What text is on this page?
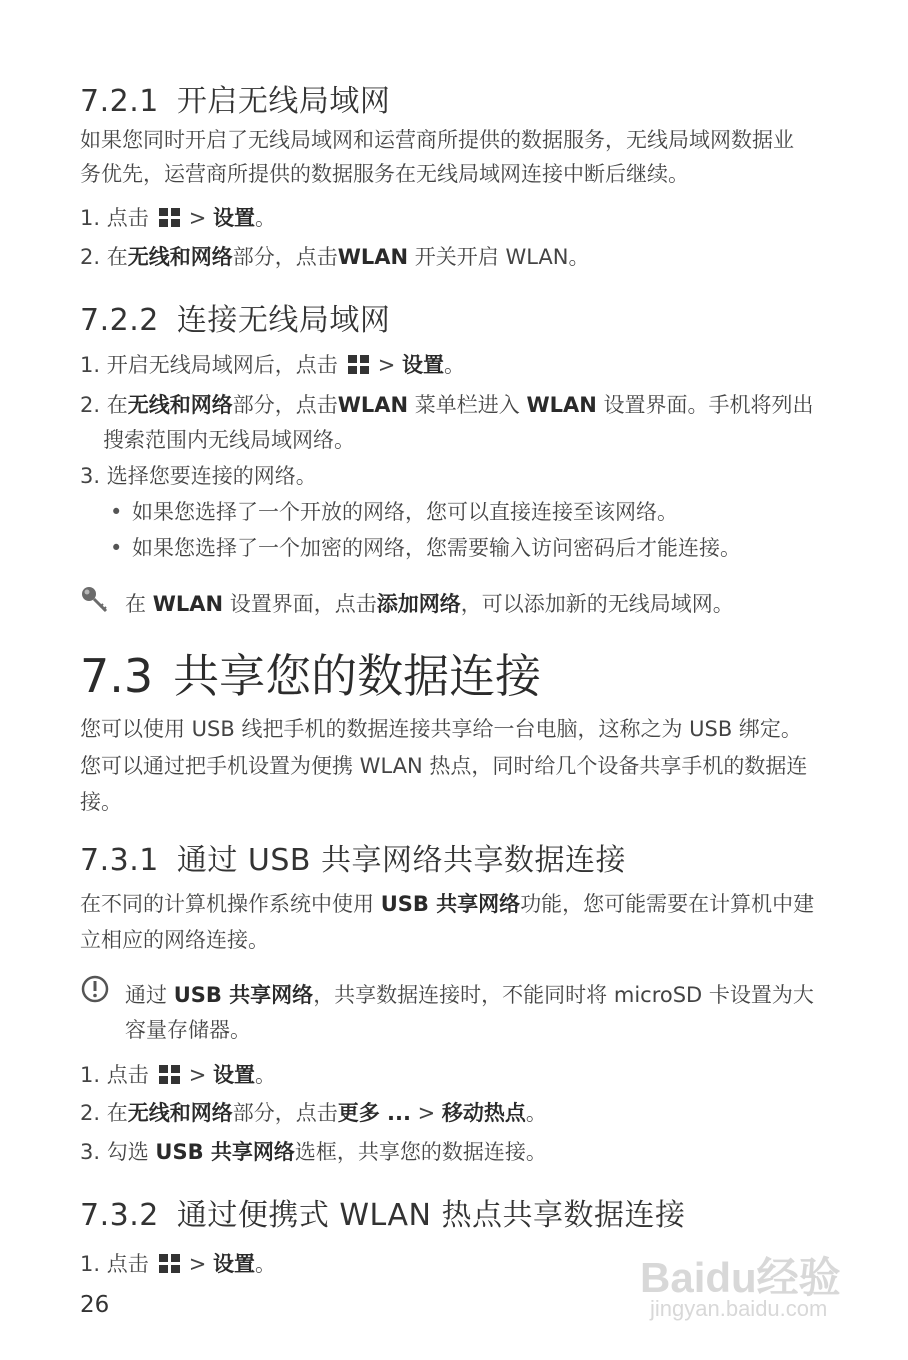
7.2.1 开启无线局域网
如果您同时开启了无线局域网和运营商所提供的数据服务，无线局域网数据业
务优先，运营商所提供的数据服务在无线局域网连接中断后继续。
1. 点击 > 设置。
2. 在无线和网络部分，点击WLAN 开关开启 WLAN。
7.2.2 连接无线局域网
1. 开启无线局域网后，点击 > 设置。
2. 在无线和网络部分，点击WLAN 菜单栏进入 WLAN 设置界面。手机将列出
搜索范围内无线局域网络。
3. 选择您要连接的网络。
• 如果您选择了一个开放的网络，您可以直接连接至该网络。
• 如果您选择了一个加密的网络，您需要输入访问密码后才能连接。
在 WLAN 设置界面，点击添加网络，可以添加新的无线局域网。
7.3 共享您的数据连接
您可以使用 USB 线把手机的数据连接共享给一台电脑，这称之为 USB 绑定。
您可以通过把手机设置为便携 WLAN 热点，同时给几个设备共享手机的数据连
接。
7.3.1 通过 USB 共享网络共享数据连接
在不同的计算机操作系统中使用 USB 共享网络功能，您可能需要在计算机中建
立相应的网络连接。
通过 USB 共享网络，共享数据连接时，不能同时将 microSD 卡设置为大
容量存储器。
1. 点击 > 设置。
2. 在无线和网络部分，点击更多 ... > 移动热点。
3. 勾选 USB 共享网络选框，共享您的数据连接。
7.3.2 通过便携式 WLAN 热点共享数据连接
1. 点击 > 设置。
26
Baidu经验
jingyan.baidu.com
